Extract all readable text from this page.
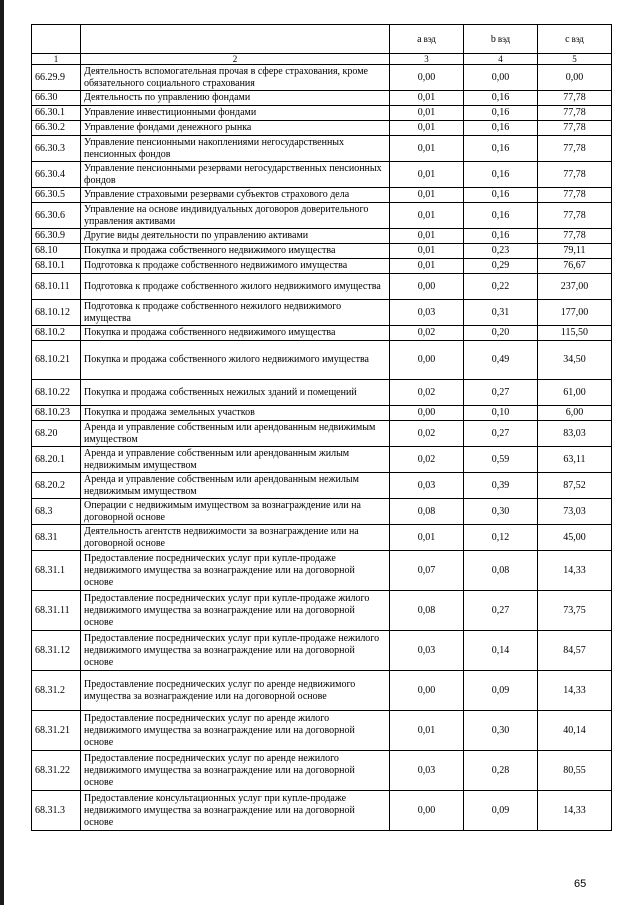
		a вэд	b вэд	c вэд
1	2	3	4	5
66.29.9	Деятельность вспомогательная прочая в сфере страхования, кроме обязательного социального страхования	0,00	0,00	0,00
66.30	Деятельность по управлению фондами	0,01	0,16	77,78
66.30.1	Управление инвестиционными фондами	0,01	0,16	77,78
66.30.2	Управление фондами денежного рынка	0,01	0,16	77,78
66.30.3	Управление пенсионными накоплениями негосударственных пенсионных фондов	0,01	0,16	77,78
66.30.4	Управление пенсионными резервами негосударственных пенсионных фондов	0,01	0,16	77,78
66.30.5	Управление страховыми резервами субъектов страхового дела	0,01	0,16	77,78
66.30.6	Управление на основе индивидуальных договоров доверительного управления активами	0,01	0,16	77,78
66.30.9	Другие виды деятельности по управлению активами	0,01	0,16	77,78
68.10	Покупка и продажа собственного недвижимого имущества	0,01	0,23	79,11
68.10.1	Подготовка к продаже собственного недвижимого имущества	0,01	0,29	76,67
68.10.11	Подготовка к продаже собственного жилого недвижимого имущества	0,00	0,22	237,00
68.10.12	Подготовка к продаже собственного нежилого недвижимого имущества	0,03	0,31	177,00
68.10.2	Покупка и продажа собственного недвижимого имущества	0,02	0,20	115,50
68.10.21	Покупка и продажа собственного жилого недвижимого имущества	0,00	0,49	34,50
68.10.22	Покупка и продажа собственных нежилых зданий и помещений	0,02	0,27	61,00
68.10.23	Покупка и продажа земельных участков	0,00	0,10	6,00
68.20	Аренда и управление собственным или арендованным недвижимым имуществом	0,02	0,27	83,03
68.20.1	Аренда и управление собственным или арендованным жилым недвижимым имуществом	0,02	0,59	63,11
68.20.2	Аренда и управление собственным или арендованным нежилым недвижимым имуществом	0,03	0,39	87,52
68.3	Операции с недвижимым имуществом за вознаграждение или на договорной основе	0,08	0,30	73,03
68.31	Деятельность агентств недвижимости за вознаграждение или на договорной основе	0,01	0,12	45,00
68.31.1	Предоставление посреднических услуг при купле-продаже недвижимого имущества за вознаграждение или на договорной основе	0,07	0,08	14,33
68.31.11	Предоставление посреднических услуг при купле-продаже жилого недвижимого имущества за вознаграждение или на договорной основе	0,08	0,27	73,75
68.31.12	Предоставление посреднических услуг при купле-продаже нежилого недвижимого имущества за вознаграждение или на договорной основе	0,03	0,14	84,57
68.31.2	Предоставление посреднических услуг по аренде недвижимого имущества за вознаграждение или на договорной основе	0,00	0,09	14,33
68.31.21	Предоставление посреднических услуг по аренде жилого недвижимого имущества за вознаграждение или на договорной основе	0,01	0,30	40,14
68.31.22	Предоставление посреднических услуг по аренде нежилого недвижимого имущества за вознаграждение или на договорной основе	0,03	0,28	80,55
68.31.3	Предоставление консультационных услуг при купле-продаже недвижимого имущества за вознаграждение или на договорной основе	0,00	0,09	14,33
65
